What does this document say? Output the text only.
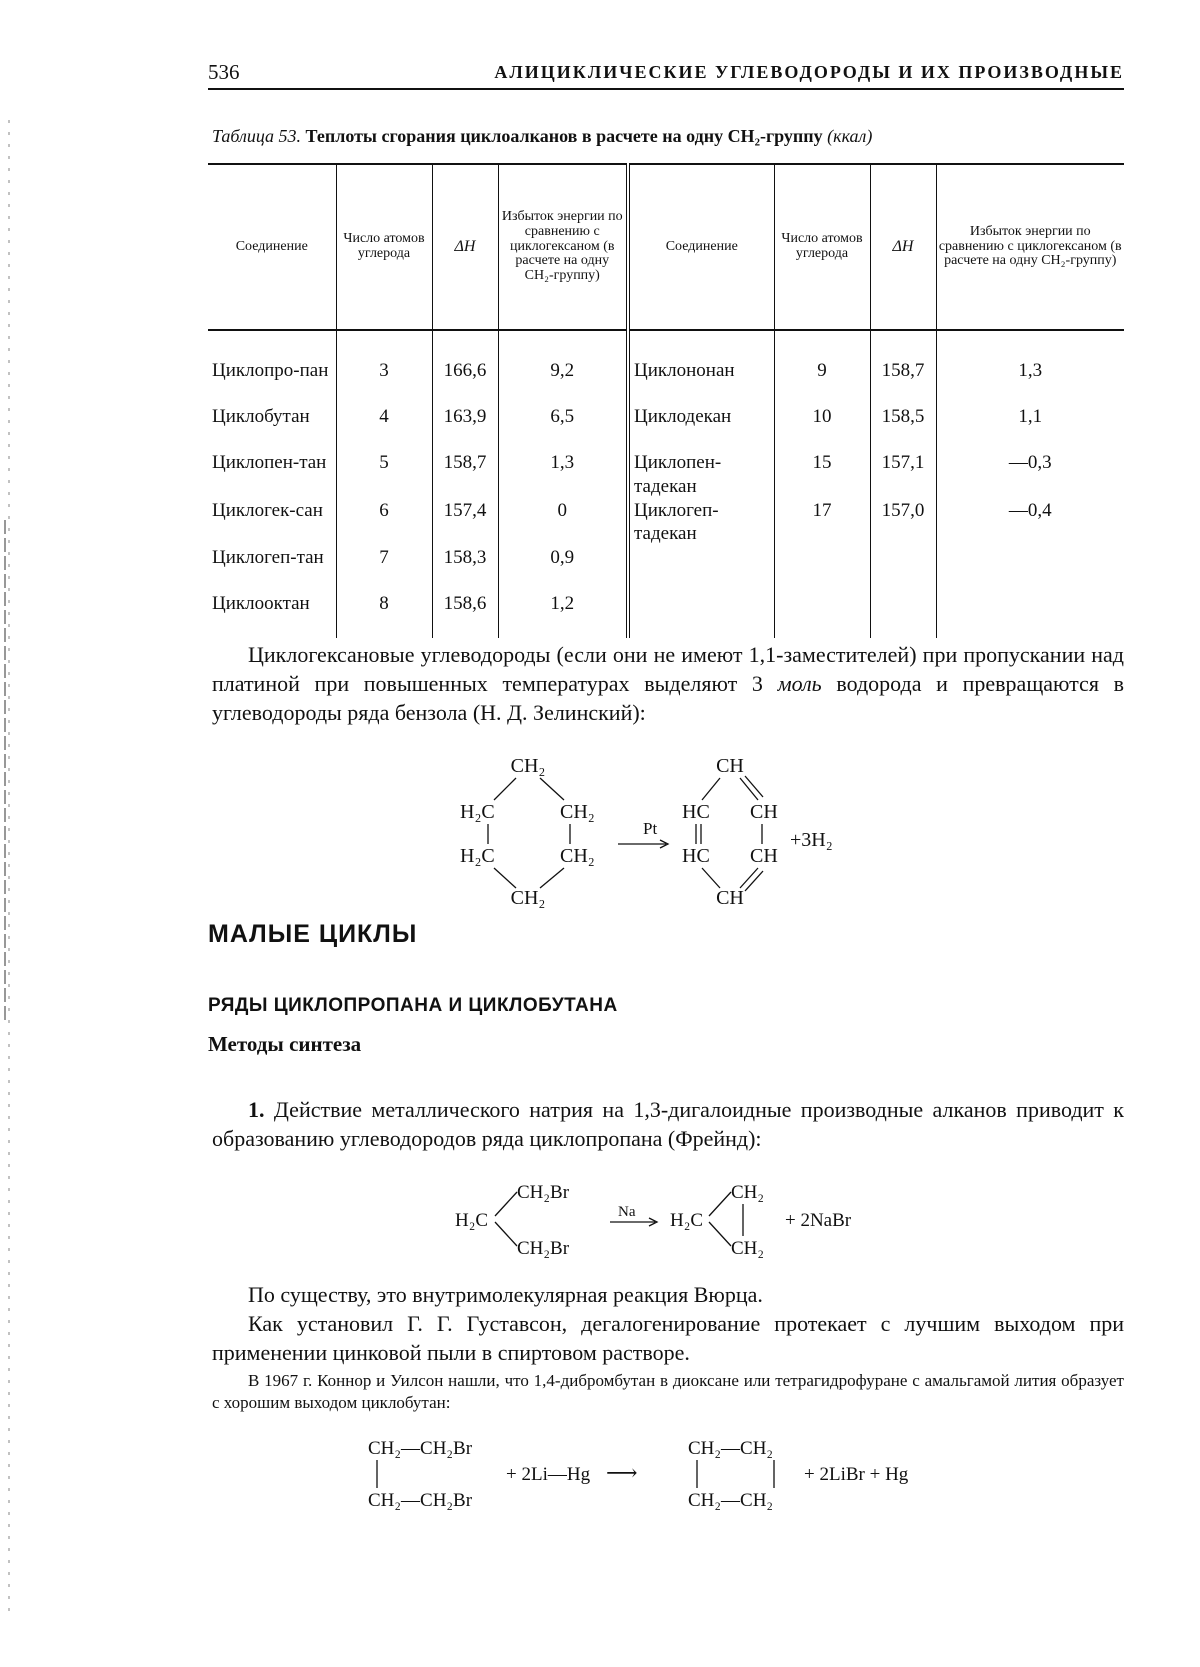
536	АЛИЦИКЛИЧЕСКИЕ УГЛЕВОДОРОДЫ И ИХ ПРОИЗВОДНЫЕ
Таблица 53. Теплоты сгорания циклоалканов в расчете на одну СН₂-группу (ккал)
Соединение	Число атомов углерода	ΔH	Избыток энергии по сравнению с циклогексаном (в расчете на одну СН₂-группу)	Соединение	Число атомов углерода	ΔH	Избыток энергии по сравнению с циклогексаном (в расчете на одну СН₂-группу)

Циклопро-пан	3	166,6	9,2	Циклононан	9	158,7	1,3
Циклобутан	4	163,9	6,5	Циклодекан	10	158,5	1,1
Циклопен-тан	5	158,7	1,3	Циклопен-тадекан	15	157,1	—0,3
Циклогек-сан	6	157,4	0	Циклогеп-тадекан	17	157,0	—0,4
Циклогеп-тан	7	158,3	0,9				
Циклооктан	8	158,6	1,2				
Циклогексановые углеводороды (если они не имеют 1,1-заместителей) при пропускании над платиной при повышенных температурах выделяют 3 моль водорода и превращаются в углеводороды ряда бензола (Н. Д. Зелинский):
CH₂
H₂C	CH₂
H₂C	CH₂
CH₂
Pt
CH
HC CH
HC CH
CH
+3H₂
МАЛЫЕ ЦИКЛЫ
РЯДЫ ЦИКЛОПРОПАНА И ЦИКЛОБУТАНА
Методы синтеза
1. Действие металлического натрия на 1,3-дигалоидные производные алканов приводит к образованию углеводородов ряда циклопропана (Фрейнд):
H₂C
CH₂Br
CH₂Br
Na H₂C
CH₂
CH₂
+ 2NaBr
По существу, это внутримолекулярная реакция Вюрца.
Как установил Г. Г. Густавсон, дегалогенирование протекает с лучшим выходом при применении цинковой пыли в спиртовом растворе.
В 1967 г. Коннор и Уилсон нашли, что 1,4-дибромбутан в диоксане или тетрагидрофуране с амальгамой лития образует с хорошим выходом циклобутан:
CH₂—CH₂Br
CH₂—CH₂Br
+ 2Li—Hg ⟶
CH₂—CH₂
CH₂—CH₂
+ 2LiBr + Hg
